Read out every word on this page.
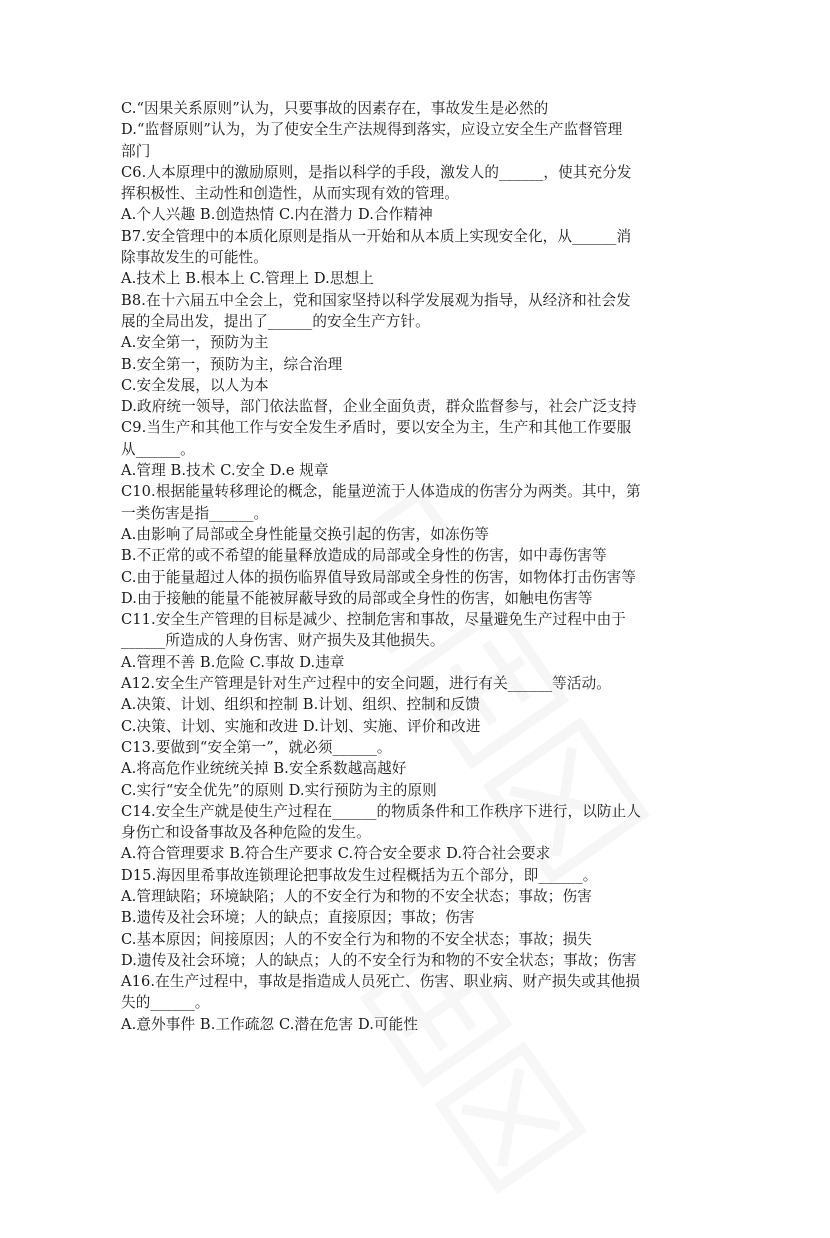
C.“因果关系原则”认为，只要事故的因素存在，事故发生是必然的
D.“监督原则”认为，为了使安全生产法规得到落实，应设立安全生产监督管理
部门
C6.人本原理中的激励原则，是指以科学的手段，激发人的______，使其充分发
挥积极性、主动性和创造性，从而实现有效的管理。
A.个人兴趣 B.创造热情 C.内在潜力 D.合作精神
B7.安全管理中的本质化原则是指从一开始和从本质上实现安全化，从______消
除事故发生的可能性。
A.技术上 B.根本上 C.管理上 D.思想上
B8.在十六届五中全会上，党和国家坚持以科学发展观为指导，从经济和社会发
展的全局出发，提出了______的安全生产方针。
A.安全第一，预防为主
B.安全第一，预防为主，综合治理
C.安全发展，以人为本
D.政府统一领导，部门依法监督，企业全面负责，群众监督参与，社会广泛支持
C9.当生产和其他工作与安全发生矛盾时，要以安全为主，生产和其他工作要服
从______。
A.管理 B.技术 C.安全 D.e 规章
C10.根据能量转移理论的概念，能量逆流于人体造成的伤害分为两类。其中，第
一类伤害是指______。
A.由影响了局部或全身性能量交换引起的伤害，如冻伤等
B.不正常的或不希望的能量释放造成的局部或全身性的伤害，如中毒伤害等
C.由于能量超过人体的损伤临界值导致局部或全身性的伤害，如物体打击伤害等
D.由于接触的能量不能被屏蔽导致的局部或全身性的伤害，如触电伤害等
C11.安全生产管理的目标是减少、控制危害和事故，尽量避免生产过程中由于
______所造成的人身伤害、财产损失及其他损失。
A.管理不善 B.危险 C.事故 D.违章
A12.安全生产管理是针对生产过程中的安全问题，进行有关______等活动。
A.决策、计划、组织和控制 B.计划、组织、控制和反馈
C.决策、计划、实施和改进 D.计划、实施、评价和改进
C13.要做到“安全第一”，就必须______。
A.将高危作业统统关掉 B.安全系数越高越好
C.实行“安全优先”的原则 D.实行预防为主的原则
C14.安全生产就是使生产过程在______的物质条件和工作秩序下进行，以防止人
身伤亡和设备事故及各种危险的发生。
A.符合管理要求 B.符合生产要求 C.符合安全要求 D.符合社会要求
D15.海因里希事故连锁理论把事故发生过程概括为五个部分，即______。
A.管理缺陷；环境缺陷；人的不安全行为和物的不安全状态；事故；伤害
B.遗传及社会环境；人的缺点；直接原因；事故；伤害
C.基本原因；间接原因；人的不安全行为和物的不安全状态；事故；损失
D.遗传及社会环境；人的缺点；人的不安全行为和物的不安全状态；事故；伤害
A16.在生产过程中，事故是指造成人员死亡、伤害、职业病、财产损失或其他损
失的______。
A.意外事件 B.工作疏忽 C.潜在危害 D.可能性
